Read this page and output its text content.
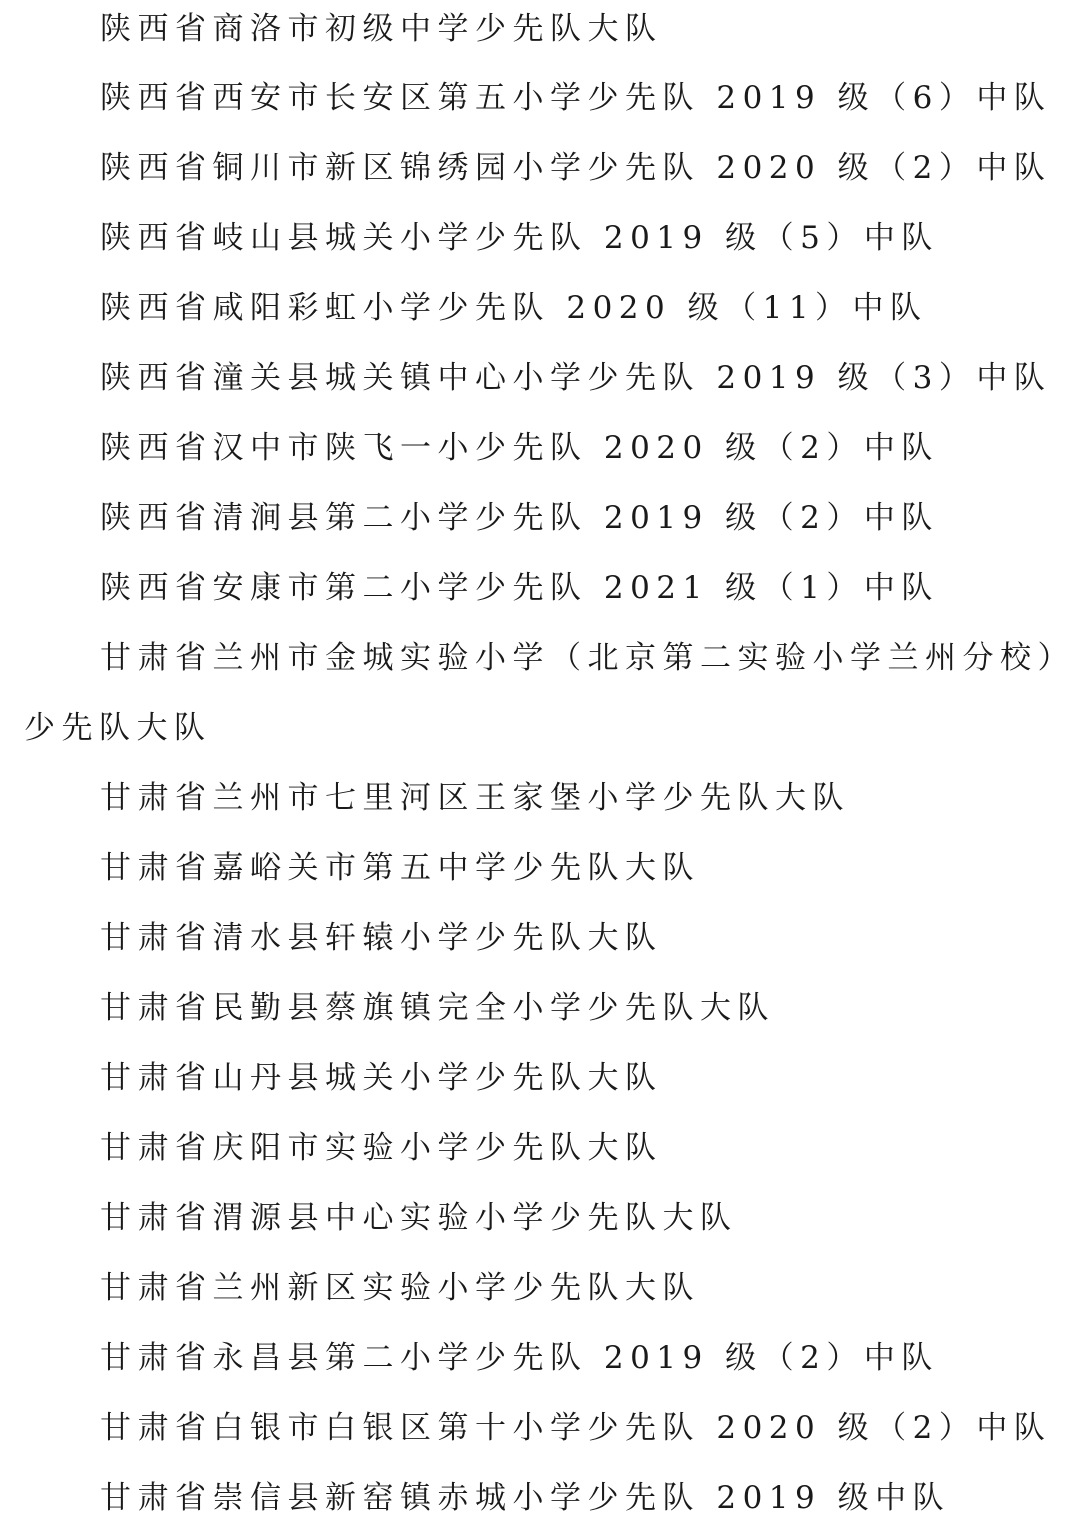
陕西省商洛市初级中学少先队大队
陕西省西安市长安区第五小学少先队 2019 级（6）中队
陕西省铜川市新区锦绣园小学少先队 2020 级（2）中队
陕西省岐山县城关小学少先队 2019 级（5）中队
陕西省咸阳彩虹小学少先队 2020 级（11）中队
陕西省潼关县城关镇中心小学少先队 2019 级（3）中队
陕西省汉中市陕飞一小少先队 2020 级（2）中队
陕西省清涧县第二小学少先队 2019 级（2）中队
陕西省安康市第二小学少先队 2021 级（1）中队
甘肃省兰州市金城实验小学（北京第二实验小学兰州分校）
少先队大队
甘肃省兰州市七里河区王家堡小学少先队大队
甘肃省嘉峪关市第五中学少先队大队
甘肃省清水县轩辕小学少先队大队
甘肃省民勤县蔡旗镇完全小学少先队大队
甘肃省山丹县城关小学少先队大队
甘肃省庆阳市实验小学少先队大队
甘肃省渭源县中心实验小学少先队大队
甘肃省兰州新区实验小学少先队大队
甘肃省永昌县第二小学少先队 2019 级（2）中队
甘肃省白银市白银区第十小学少先队 2020 级（2）中队
甘肃省崇信县新窑镇赤城小学少先队 2019 级中队
